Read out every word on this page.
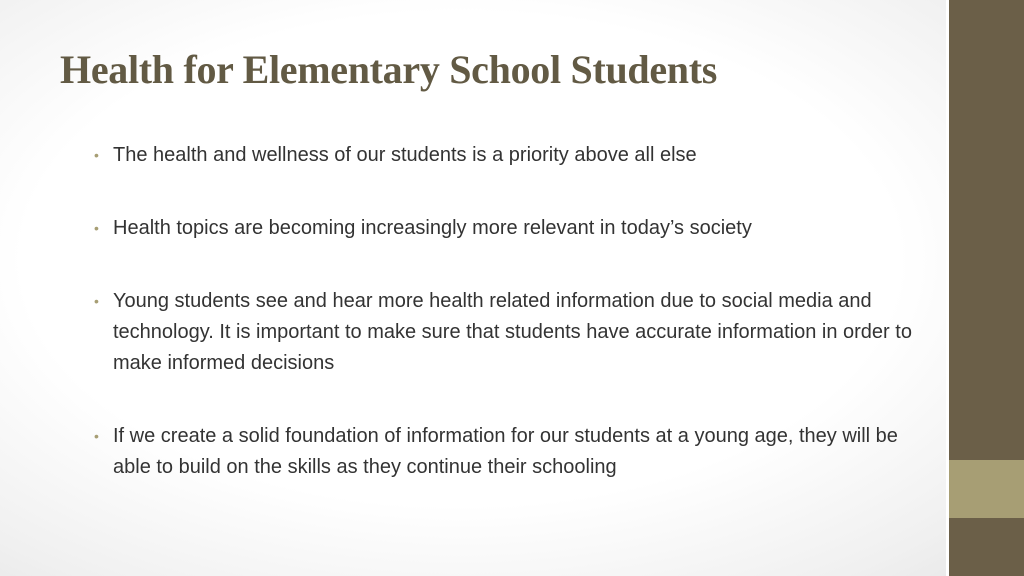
Health for Elementary School Students
• The health and wellness of our students is a priority above all else
• Health topics are becoming increasingly more relevant in today’s society
• Young students see and hear more health related information due to social media and technology. It is important to make sure that students have accurate information in order to make informed decisions
• If we create a solid foundation of information for our students at a young age, they will be able to build on the skills as they continue their schooling
